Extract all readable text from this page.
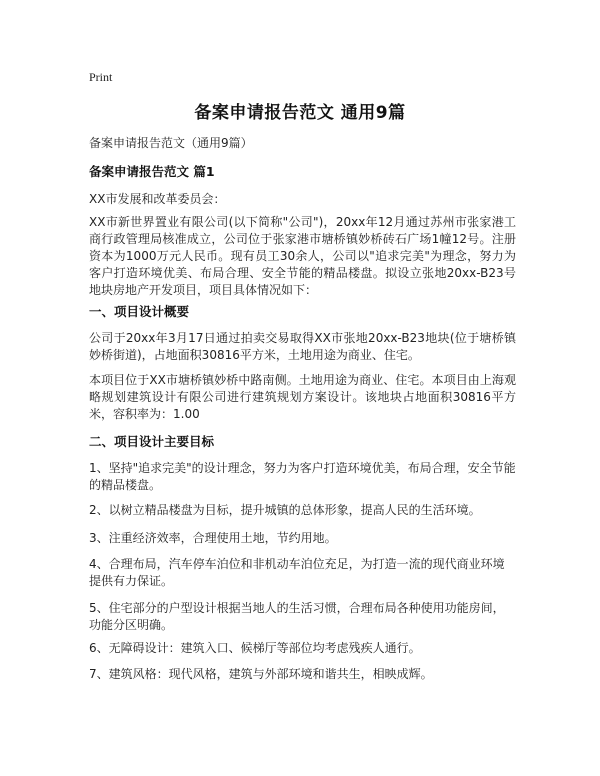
Print
备案申请报告范文 通用9篇
备案申请报告范文（通用9篇）
备案申请报告范文 篇1
XX市发展和改革委员会：

XX市新世界置业有限公司(以下简称"公司")，20xx年12月通过苏州市张家港工商行政管理局核准成立，公司位于张家港市塘桥镇妙桥砖石广场1幢12号。注册资本为1000万元人民币。现有员工30余人，公司以"追求完美"为理念，努力为客户打造环境优美、布局合理、安全节能的精品楼盘。拟设立张地20xx-B23号地块房地产开发项目，项目具体情况如下：

一、项目设计概要

公司于20xx年3月17日通过拍卖交易取得XX市张地20xx-B23地块(位于塘桥镇妙桥街道)，占地面积30816平方米，土地用途为商业、住宅。

本项目位于XX市塘桥镇妙桥中路南侧。土地用途为商业、住宅。本项目由上海观略规划建筑设计有限公司进行建筑规划方案设计。该地块占地面积30816平方米，容积率为：1.00

二、项目设计主要目标
1、坚持"追求完美"的设计理念，努力为客户打造环境优美，布局合理，安全节能的精品楼盘。
2、以树立精品楼盘为目标，提升城镇的总体形象，提高人民的生活环境。
3、注重经济效率，合理使用土地，节约用地。
4、合理布局，汽车停车泊位和非机动车泊位充足，为打造一流的现代商业环境提供有力保证。
5、住宅部分的户型设计根据当地人的生活习惯，合理布局各种使用功能房间，功能分区明确。
6、无障碍设计：建筑入口、候梯厅等部位均考虑残疾人通行。
7、建筑风格：现代风格，建筑与外部环境和谐共生，相映成辉。
